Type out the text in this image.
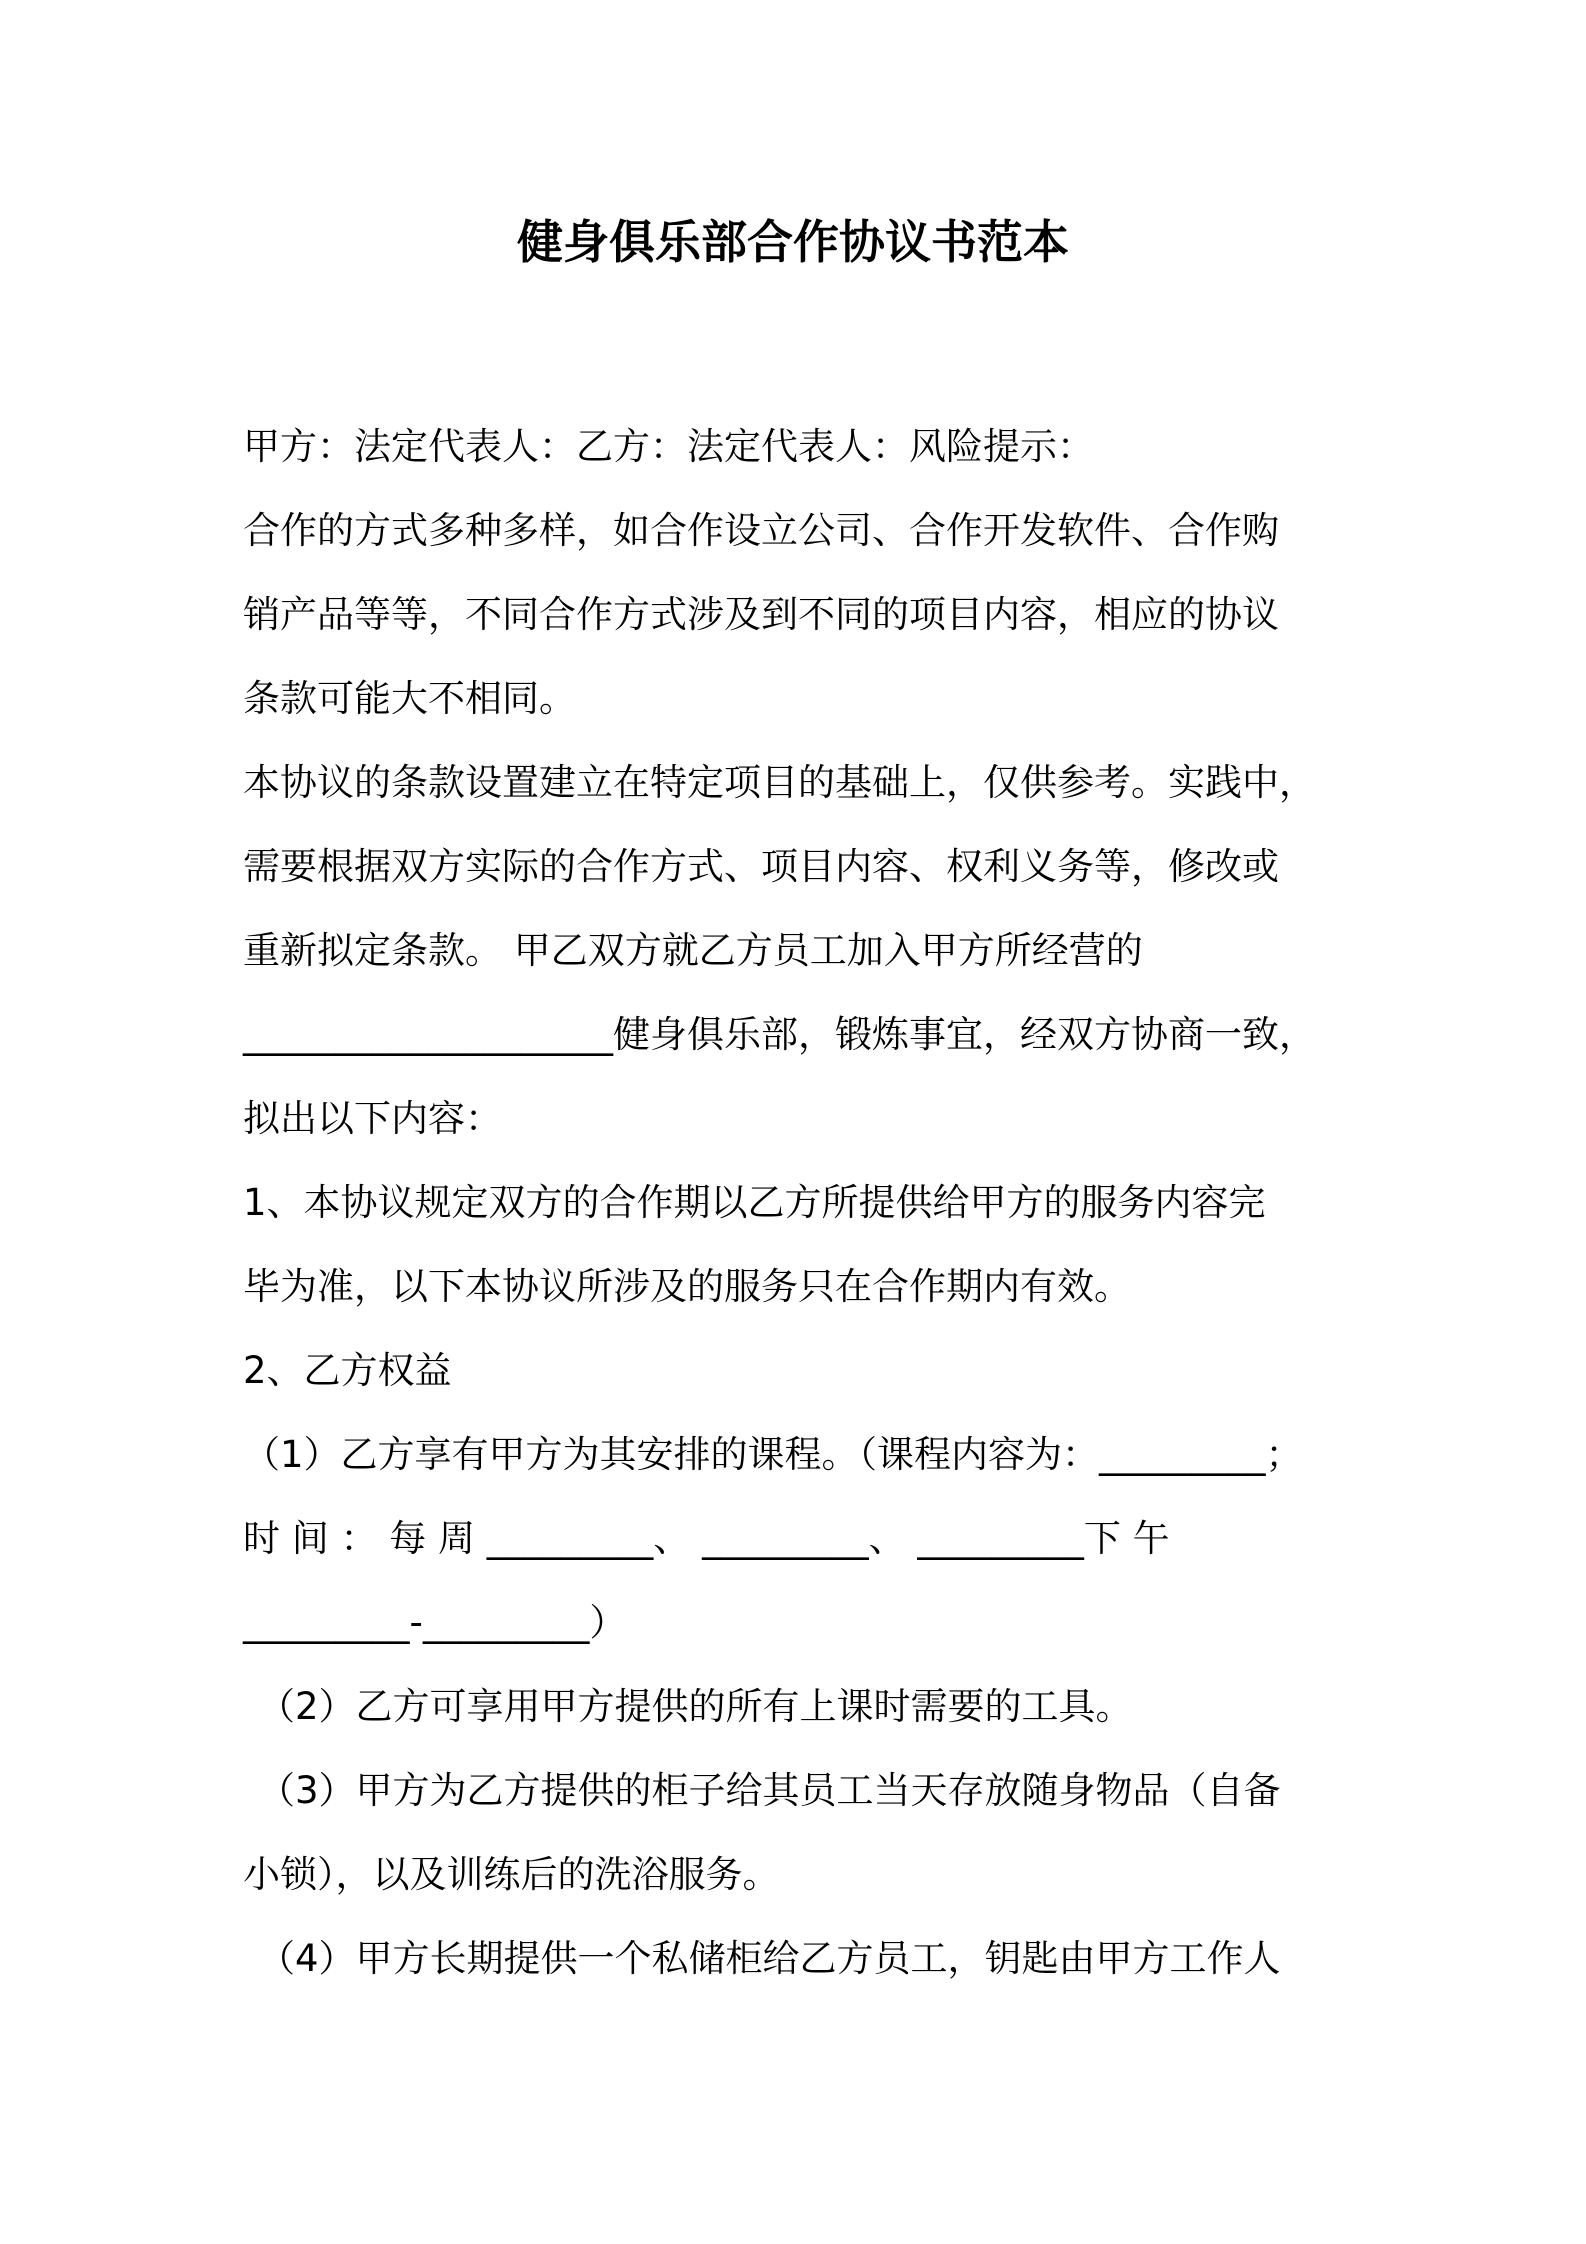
健身俱乐部合作协议书范本

甲方：法定代表人：乙方：法定代表人：风险提示：

合作的方式多种多样，如合作设立公司、合作开发软件、合作购

销产品等等，不同合作方式涉及到不同的项目内容，相应的协议

条款可能大不相同。

本协议的条款设置建立在特定项目的基础上，仅供参考。实践中，

需要根据双方实际的合作方式、项目内容、权利义务等，修改或

重新拟定条款。 甲乙双方就乙方员工加入甲方所经营的

____________________健身俱乐部，锻炼事宜，经双方协商一致，

拟出以下内容：

1、本协议规定双方的合作期以乙方所提供给甲方的服务内容完

毕为准，以下本协议所涉及的服务只在合作期内有效。

2、乙方权益

（1）乙方享有甲方为其安排的课程。（课程内容为：_________；

时 间 ： 每 周 _________、 _________、 _________下 午

_________-_________）

（2）乙方可享用甲方提供的所有上课时需要的工具。

（3）甲方为乙方提供的柜子给其员工当天存放随身物品（自备

小锁），以及训练后的洗浴服务。

（4）甲方长期提供一个私储柜给乙方员工，钥匙由甲方工作人
